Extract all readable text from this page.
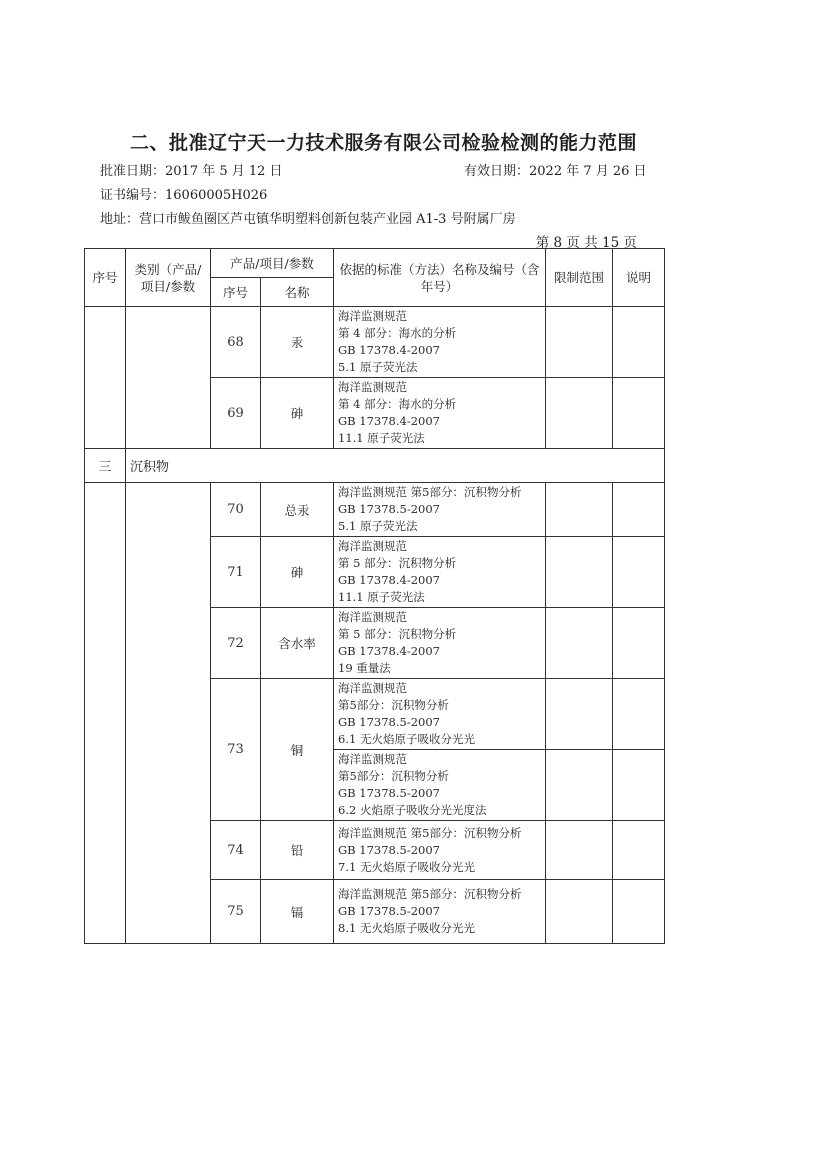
二、批准辽宁天一力技术服务有限公司检验检测的能力范围
批准日期：2017 年 5 月 12 日	有效日期：2022 年 7 月 26 日
证书编号：16060005H026
地址：营口市鲅鱼圈区芦屯镇华明塑料创新包装产业园 A1-3 号附属厂房
第 8 页 共 15 页
序号	类别（产品/项目/参数	产品/项目/参数		依据的标准（方法）名称及编号（含年号）	限制范围	说明
		序号	名称			
		68	汞	海洋监测规范
第 4 部分：海水的分析
GB 17378.4-2007
5.1 原子荧光法		

		69	砷	海洋监测规范
第 4 部分：海水的分析
GB 17378.4-2007
11.1 原子荧光法		

三	沉积物					
		70	总汞	海洋监测规范 第5部分：沉积物分析
GB 17378.5-2007
5.1 原子荧光法		

		71	砷	海洋监测规范
第 5 部分：沉积物分析
GB 17378.4-2007
11.1 原子荧光法		

		72	含水率	海洋监测规范
第 5 部分：沉积物分析
GB 17378.4-2007
19 重量法		

		73	铜	海洋监测规范
第5部分：沉积物分析
GB 17378.5-2007
6.1 无火焰原子吸收分光光		

				海洋监测规范
第5部分：沉积物分析
GB 17378.5-2007
6.2 火焰原子吸收分光光度法		

		74	铅	海洋监测规范 第5部分：沉积物分析
GB 17378.5-2007
7.1 无火焰原子吸收分光光		

		75	镉	海洋监测规范 第5部分：沉积物分析
GB 17378.5-2007
8.1 无火焰原子吸收分光光		
